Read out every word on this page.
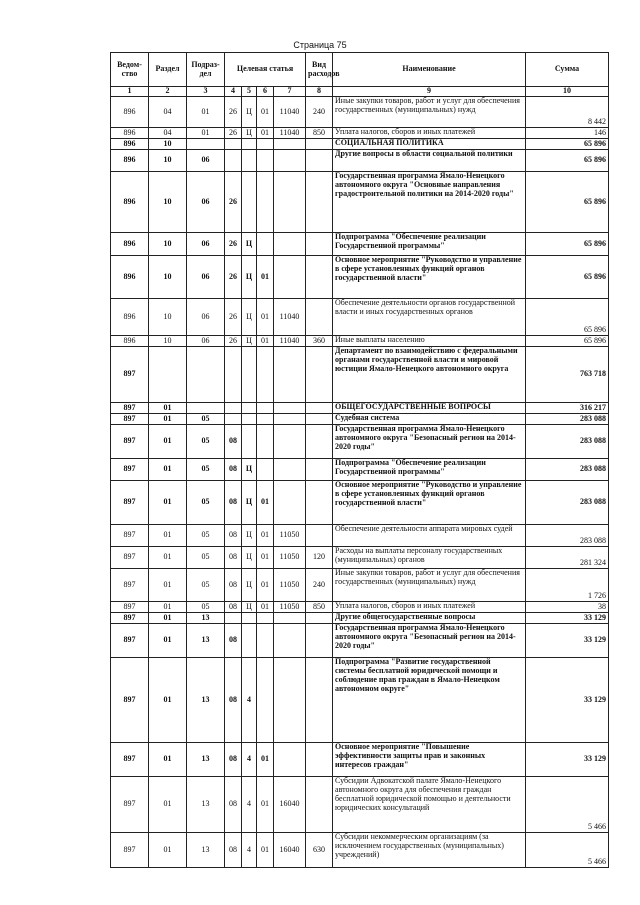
Страница 75
Ведом-ство	Раздел	Подраз-дел	Целевая статья				Вид расходов	Наименование	Сумма
1	2	3	4	5	6	7	8	9	10
896	04	01	26	Ц	01	11040	240	Иные закупки товаров, работ и услуг для обеспечения государственных (муниципальных) нужд	8 442
896	04	01	26	Ц	01	11040	850	Уплата налогов, сборов и иных платежей	146
896	10							СОЦИАЛЬНАЯ ПОЛИТИКА	65 896
896	10	06						Другие вопросы в области социальной политики	65 896
896	10	06	26					Государственная программа Ямало-Ненецкого автономного округа "Основные направления градостроительной политики на 2014-2020 годы"	65 896
896	10	06	26	Ц				Подпрограмма "Обеспечение реализации Государственной программы"	65 896
896	10	06	26	Ц	01			Основное мероприятие "Руководство и управление в сфере установленных функций органов государственной власти"	65 896
896	10	06	26	Ц	01	11040		Обеспечение деятельности органов государственной власти и иных государственных органов	65 896
896	10	06	26	Ц	01	11040	360	Иные выплаты населению	65 896
897								Департамент по взаимодействию с федеральными органами государственной власти и мировой юстиции Ямало-Ненецкого автономного округа	763 718
897	01							ОБЩЕГОСУДАРСТВЕННЫЕ ВОПРОСЫ	316 217
897	01	05						Судебная система	283 088
897	01	05	08					Государственная программа Ямало-Ненецкого автономного округа "Безопасный регион на 2014-2020 годы"	283 088
897	01	05	08	Ц				Подпрограмма "Обеспечение реализации Государственной программы"	283 088
897	01	05	08	Ц	01			Основное мероприятие "Руководство и управление в сфере установленных функций органов государственной власти"	283 088
897	01	05	08	Ц	01	11050		Обеспечение деятельности аппарата мировых судей	283 088
897	01	05	08	Ц	01	11050	120	Расходы на выплаты персоналу государственных (муниципальных) органов	281 324
897	01	05	08	Ц	01	11050	240	Иные закупки товаров, работ и услуг для обеспечения государственных (муниципальных) нужд	1 726
897	01	05	08	Ц	01	11050	850	Уплата налогов, сборов и иных платежей	38
897	01	13						Другие общегосударственные вопросы	33 129
897	01	13	08					Государственная программа Ямало-Ненецкого автономного округа "Безопасный регион на 2014-2020 годы"	33 129
897	01	13	08	4				Подпрограмма "Развитие государственной системы бесплатной юридической помощи и соблюдение прав граждан в Ямало-Ненецком автономном округе"	33 129
897	01	13	08	4	01			Основное мероприятие "Повышение эффективности защиты прав и законных интересов граждан"	33 129
897	01	13	08	4	01	16040		Субсидии Адвокатской палате Ямало-Ненецкого автономного округа для обеспечения граждан бесплатной юридической помощью и деятельности юридических консультаций	5 466
897	01	13	08	4	01	16040	630	Субсидии некоммерческим организациям (за исключением государственных (муниципальных) учреждений)	5 466
